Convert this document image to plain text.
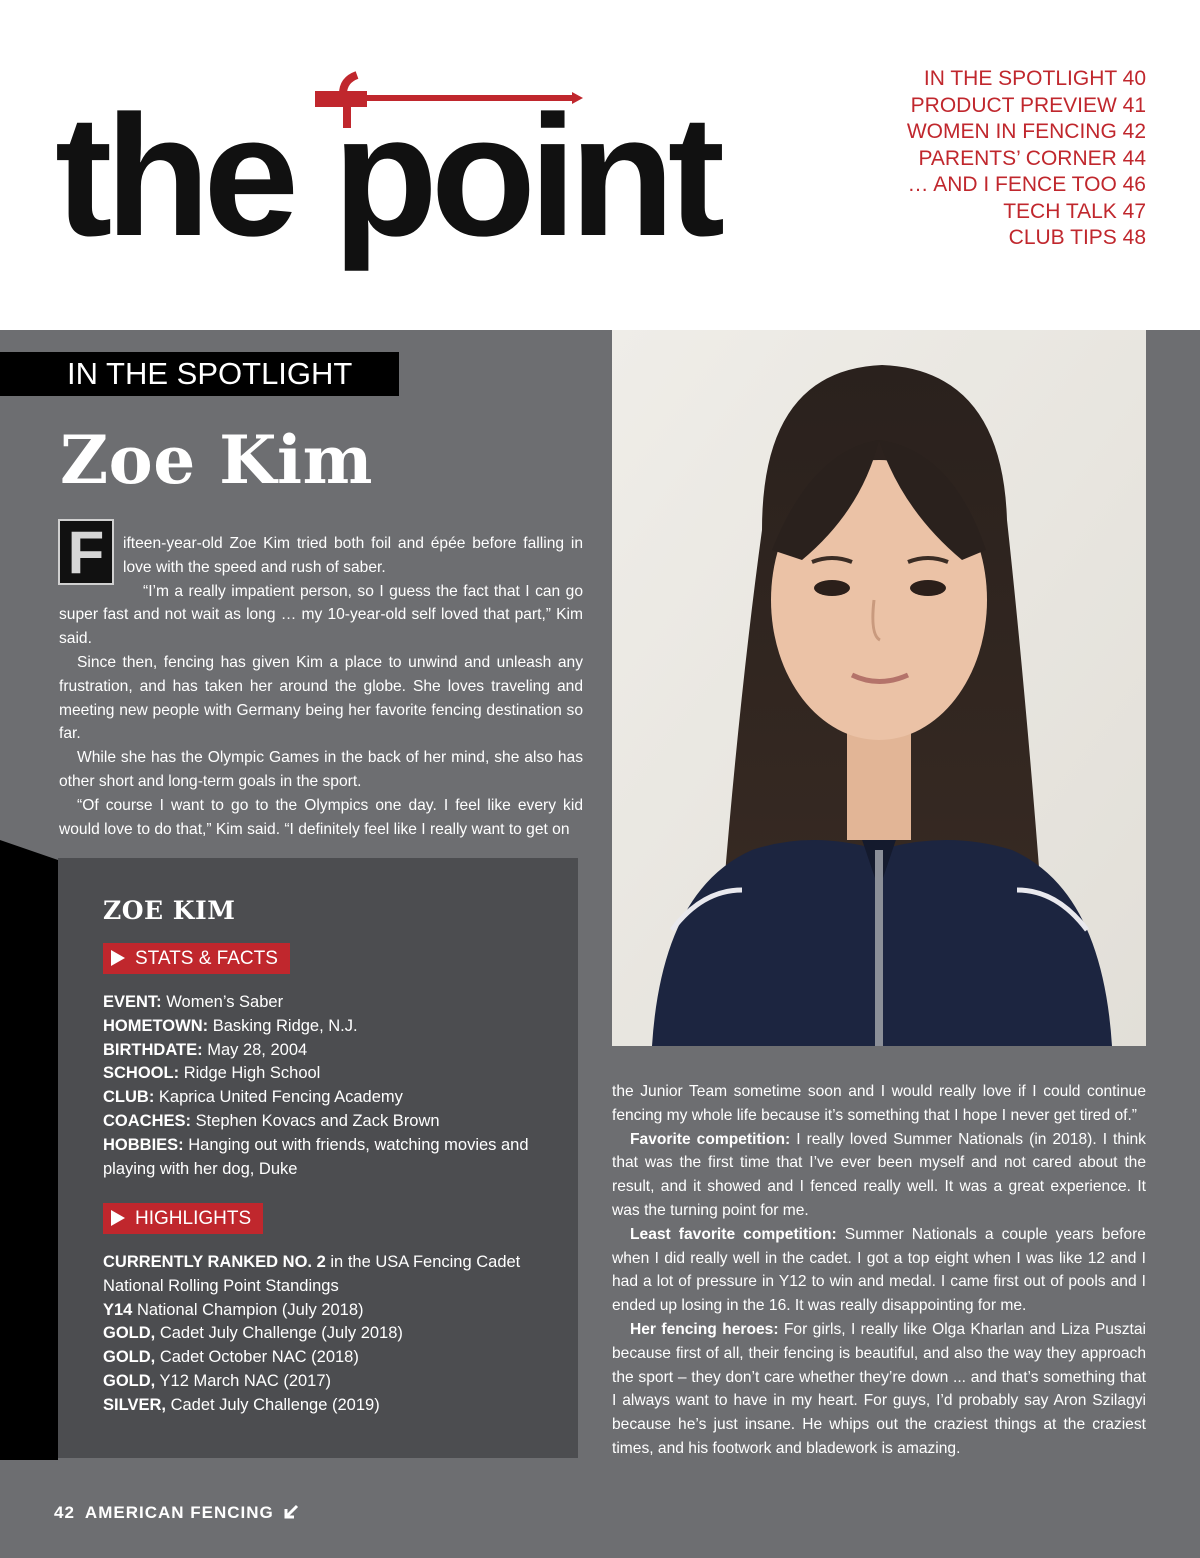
the point
IN THE SPOTLIGHT 40
PRODUCT PREVIEW 41
WOMEN IN FENCING 42
PARENTS’ CORNER 44
… AND I FENCE TOO 46
TECH TALK 47
CLUB TIPS 48
IN THE SPOTLIGHT
Zoe Kim
F	ifteen-year-old Zoe Kim tried both foil and épée before falling in love with the speed and rush of saber.

“I’m a really impatient person, so I guess the fact that I can go super fast and not wait as long … my 10-year-old self loved that part,” Kim said.

Since then, fencing has given Kim a place to unwind and unleash any frustration, and has taken her around the globe. She loves traveling and meeting new people with Germany being her favorite fencing destination so far.

While she has the Olympic Games in the back of her mind, she also has other short and long-term goals in the sport.

“Of course I want to go to the Olympics one day. I feel like every kid would love to do that,” Kim said. “I definitely feel like I really want to get on

the Junior Team sometime soon and I would really love if I could continue fencing my whole life because it’s something that I hope I never get tired of.”

Favorite competition: I really loved Summer Nationals (in 2018). I think that was the first time that I’ve ever been myself and not cared about the result, and it showed and I fenced really well. It was a great experience. It was the turning point for me.

Least favorite competition: Summer Nationals a couple years before when I did really well in the cadet. I got a top eight when I was like 12 and I had a lot of pressure in Y12 to win and medal. I came first out of pools and I ended up losing in the 16. It was really disappointing for me.

Her fencing heroes: For girls, I really like Olga Kharlan and Liza Pusztai because first of all, their fencing is beautiful, and also the way they approach the sport – they don’t care whether they’re down ... and that’s something that I always want to have in my heart. For guys, I’d probably say Aron Szilagyi because he’s just insane. He whips out the craziest things at the craziest times, and his footwork and bladework is amazing.

ZOE KIM
STATS & FACTS
EVENT: Women’s Saber
HOMETOWN: Basking Ridge, N.J.
BIRTHDATE: May 28, 2004
SCHOOL: Ridge High School
CLUB: Kaprica United Fencing Academy
COACHES: Stephen Kovacs and Zack Brown
HOBBIES: Hanging out with friends, watching movies and playing with her dog, Duke
HIGHLIGHTS
CURRENTLY RANKED NO. 2 in the USA Fencing Cadet National Rolling Point Standings
Y14 National Champion (July 2018)
GOLD, Cadet July Challenge (July 2018)
GOLD, Cadet October NAC (2018)
GOLD, Y12 March NAC (2017)
SILVER, Cadet July Challenge (2019)
42 AMERICAN FENCING
